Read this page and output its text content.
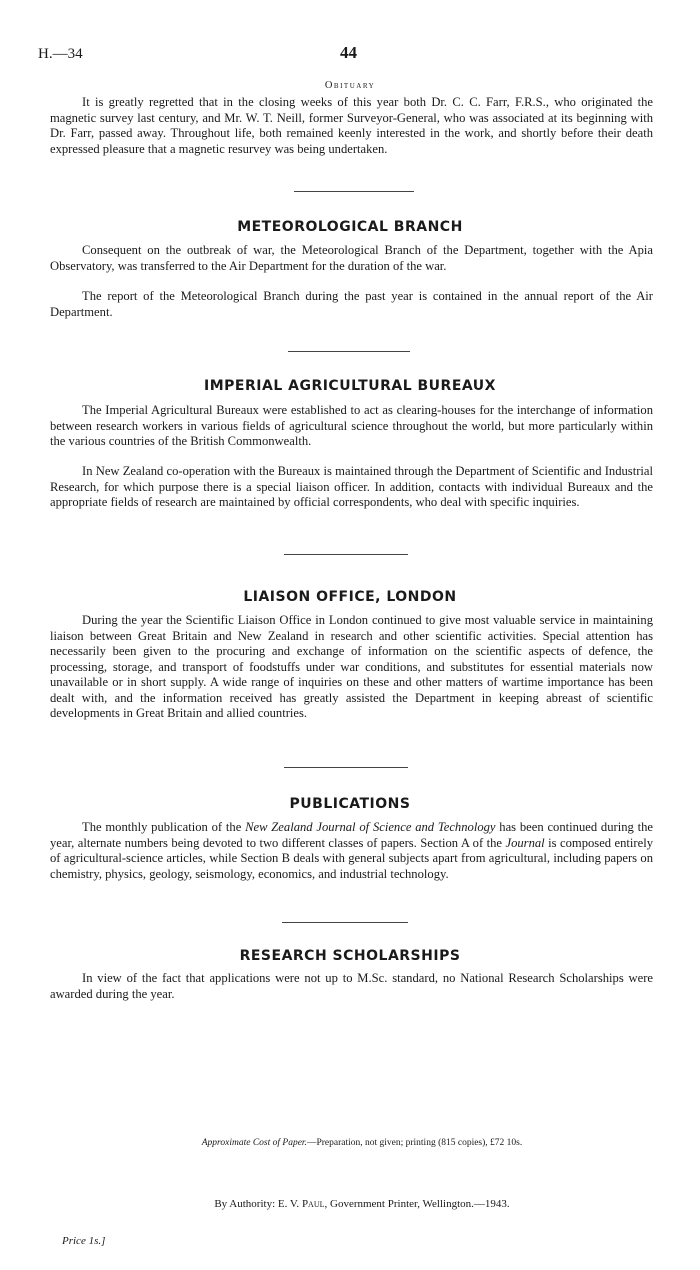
H.—34	44
Obituary

It is greatly regretted that in the closing weeks of this year both Dr. C. C. Farr, F.R.S., who originated the magnetic survey last century, and Mr. W. T. Neill, former Surveyor-General, who was associated at its beginning with Dr. Farr, passed away. Throughout life, both remained keenly interested in the work, and shortly before their death expressed pleasure that a magnetic resurvey was being undertaken.

METEOROLOGICAL BRANCH

Consequent on the outbreak of war, the Meteorological Branch of the Department, together with the Apia Observatory, was transferred to the Air Department for the duration of the war.

The report of the Meteorological Branch during the past year is contained in the annual report of the Air Department.

IMPERIAL AGRICULTURAL BUREAUX

The Imperial Agricultural Bureaux were established to act as clearing-houses for the interchange of information between research workers in various fields of agricultural science throughout the world, but more particularly within the various countries of the British Commonwealth.

In New Zealand co-operation with the Bureaux is maintained through the Department of Scientific and Industrial Research, for which purpose there is a special liaison officer. In addition, contacts with individual Bureaux and the appropriate fields of research are maintained by official correspondents, who deal with specific inquiries.

LIAISON OFFICE, LONDON

During the year the Scientific Liaison Office in London continued to give most valuable service in maintaining liaison between Great Britain and New Zealand in research and other scientific activities. Special attention has necessarily been given to the procuring and exchange of information on the scientific aspects of defence, the processing, storage, and transport of foodstuffs under war conditions, and substitutes for essential materials now unavailable or in short supply. A wide range of inquiries on these and other matters of wartime importance has been dealt with, and the information received has greatly assisted the Department in keeping abreast of scientific developments in Great Britain and allied countries.

PUBLICATIONS

The monthly publication of the New Zealand Journal of Science and Technology has been continued during the year, alternate numbers being devoted to two different classes of papers. Section A of the Journal is composed entirely of agricultural-science articles, while Section B deals with general subjects apart from agricultural, including papers on chemistry, physics, geology, seismology, economics, and industrial technology.

RESEARCH SCHOLARSHIPS

In view of the fact that applications were not up to M.Sc. standard, no National Research Scholarships were awarded during the year.

Approximate Cost of Paper.—Preparation, not given; printing (815 copies), £72 10s.
By Authority: E. V. Paul, Government Printer, Wellington.—1943.
Price 1s.]
